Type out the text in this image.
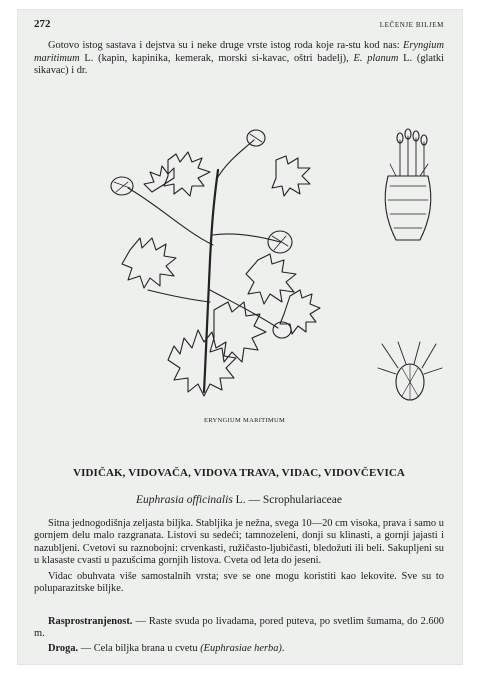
272	LEČENJE BILJEM

Gotovo istog sastava i dejstva su i neke druge vrste istog roda koje ra-stu kod nas: Eryngium maritimum L. (kapin, kapinika, kemerak, morski si-kavac, oštri badelj), E. planum L. (glatki sikavac) i dr.

ERYNGIUM MARITIMUM
VIDIČAK, VIDOVAČA, VIDOVA TRAVA, VIDAC, VIDOVČEVICA

Euphrasia officinalis L. — Scrophulariaceae

Sitna jednogodišnja zeljasta biljka. Stabljika je nežna, svega 10—20 cm visoka, prava i samo u gornjem delu malo razgranata. Listovi su sedeći; tamnozeleni, donji su klinasti, a gornji jajasti i nazubljeni. Cvetovi su raznobojni: crvenkasti, ružičasto-ljubičasti, bledožuti ili beli. Sakupljeni su u klasaste cvasti u pazušcima gornjih listova. Cveta od leta do jeseni.

Vidac obuhvata više samostalnih vrsta; sve se one mogu koristiti kao lekovite. Sve su to poluparazitske biljke.

Rasprostranjenost. — Raste svuda po livadama, pored puteva, po svetlim šumama, do 2.600 m.

Droga. — Cela biljka brana u cvetu (Euphrasiae herba).
